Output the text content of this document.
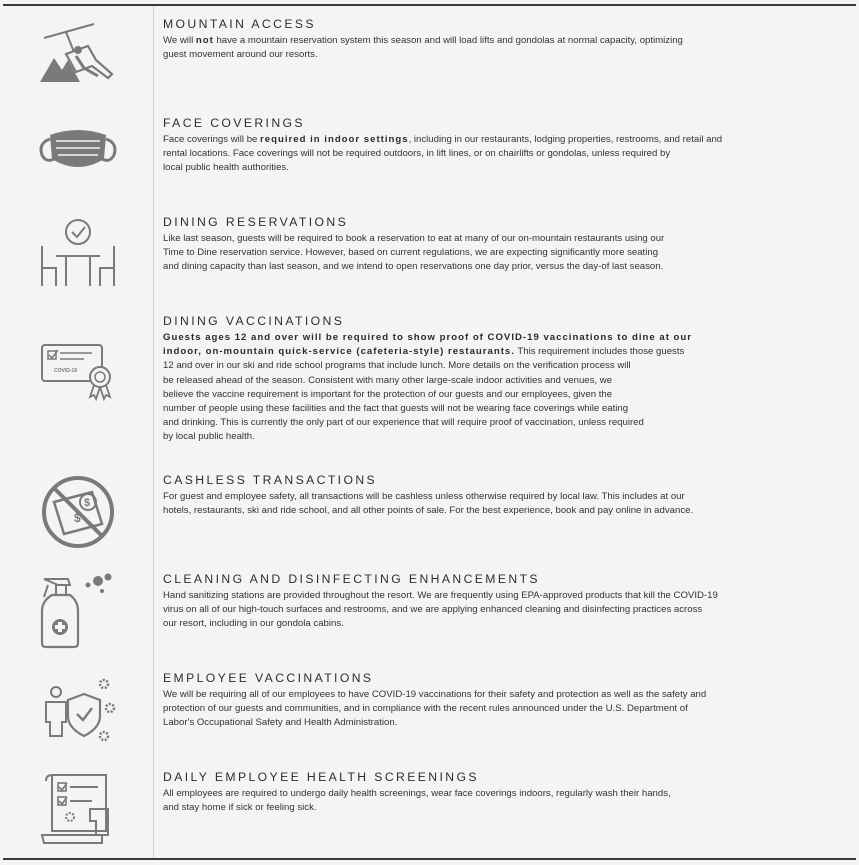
MOUNTAIN ACCESS

We will not have a mountain reservation system this season and will load lifts and gondolas at normal capacity, optimizing
guest movement around our resorts.

FACE COVERINGS

Face coverings will be required in indoor settings, including in our restaurants, lodging properties, restrooms, and retail and
rental locations. Face coverings will not be required outdoors, in lift lines, or on chairlifts or gondolas, unless required by
local public health authorities.

DINING RESERVATIONS

Like last season, guests will be required to book a reservation to eat at many of our on-mountain restaurants using our
Time to Dine reservation service. However, based on current regulations, we are expecting significantly more seating
and dining capacity than last season, and we intend to open reservations one day prior, versus the day-of last season.

COVID-19
DINING VACCINATIONS

Guests ages 12 and over will be required to show proof of COVID-19 vaccinations to dine at our
indoor, on-mountain quick-service (cafeteria-style) restaurants. This requirement includes those guests
12 and over in our ski and ride school programs that include lunch. More details on the verification process will
be released ahead of the season. Consistent with many other large-scale indoor activities and venues, we
believe the vaccine requirement is important for the protection of our guests and our employees, given the
number of people using these facilities and the fact that guests will not be wearing face coverings while eating
and drinking. This is currently the only part of our experience that will require proof of vaccination, unless required
by local public health.

$
$
CASHLESS TRANSACTIONS

For guest and employee safety, all transactions will be cashless unless otherwise required by local law. This includes at our
hotels, restaurants, ski and ride school, and all other points of sale. For the best experience, book and pay online in advance.

CLEANING AND DISINFECTING ENHANCEMENTS

Hand sanitizing stations are provided throughout the resort. We are frequently using EPA-approved products that kill the COVID-19
virus on all of our high-touch surfaces and restrooms, and we are applying enhanced cleaning and disinfecting practices across
our resort, including in our gondola cabins.

EMPLOYEE VACCINATIONS

We will be requiring all of our employees to have COVID-19 vaccinations for their safety and protection as well as the safety and
protection of our guests and communities, and in compliance with the recent rules announced under the U.S. Department of
Labor's Occupational Safety and Health Administration.

DAILY EMPLOYEE HEALTH SCREENINGS

All employees are required to undergo daily health screenings, wear face coverings indoors, regularly wash their hands,
and stay home if sick or feeling sick.
